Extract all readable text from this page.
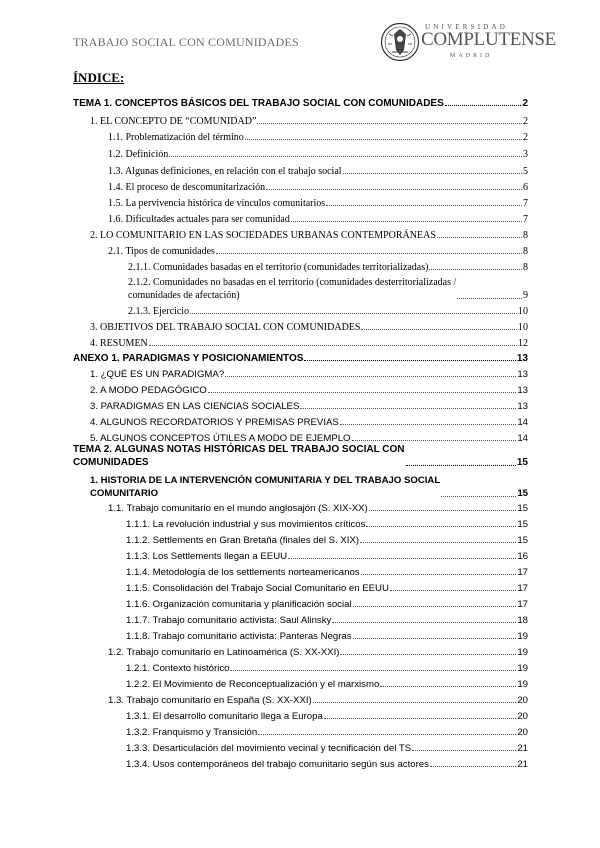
TRABAJO SOCIAL CON COMUNIDADES
UNIVERSIDAD
COMPLUTENSE
MADRID
ÍNDICE:
TEMA 1. CONCEPTOS BÁSICOS DEL TRABAJO SOCIAL CON COMUNIDADES	2
1. EL CONCEPTO DE “COMUNIDAD”	2
1.1. Problematización del término	2
1.2. Definición	3
1.3. Algunas definiciones, en relación con el trabajo social	5
1.4. El proceso de descomunitarización	6
1.5. La pervivencia histórica de vínculos comunitarios	7
1.6. Dificultades actuales para ser comunidad	7
2. LO COMUNITARIO EN LAS SOCIEDADES URBANAS CONTEMPORÁNEAS	8
2.1. Tipos de comunidades	8
2.1.1. Comunidades basadas en el territorio (comunidades territorializadas)	8
2.1.2. Comunidades no basadas en el territorio (comunidades desterritorializadas /
comunidades de afectación)	9
2.1.3. Ejercicio	10
3. OBJETIVOS DEL TRABAJO SOCIAL CON COMUNIDADES	10
4. RESUMEN	12
ANEXO 1. PARADIGMAS Y POSICIONAMIENTOS	13
1. ¿QUÉ ES UN PARADIGMA?	13
2. A MODO PEDAGÓGICO	13
3. PARADIGMAS EN LAS CIENCIAS SOCIALES	13
4. ALGUNOS RECORDATORIOS Y PREMISAS PREVIAS	14
5. ALGUNOS CONCEPTOS ÚTILES A MODO DE EJEMPLO	14
TEMA 2. ALGUNAS NOTAS HISTÓRICAS DEL TRABAJO SOCIAL CON
COMUNIDADES	15
1. HISTORIA DE LA INTERVENCIÓN COMUNITARIA Y DEL TRABAJO SOCIAL
COMUNITARIO	15
1.1. Trabajo comunitario en el mundo anglosajón (S. XIX-XX)	15
1.1.1. La revolución industrial y sus movimientos críticos	15
1.1.2. Settlements en Gran Bretaña (finales del S. XIX)	15
1.1.3. Los Settlements llegan a EEUU	16
1.1.4. Metodología de los settlements norteamericanos	17
1.1.5. Consolidación del Trabajo Social Comunitario en EEUU	17
1.1.6. Organización comunitaria y planificación social	17
1.1.7. Trabajo comunitario activista: Saul Alinsky	18
1.1.8. Trabajo comunitario activista: Panteras Negras	19
1.2. Trabajo comunitario en Latinoamérica (S. XX-XXI)	19
1.2.1. Contexto histórico	19
1.2.2. El Movimiento de Reconceptualización y el marxismo	19
1.3. Trabajo comunitario en España (S. XX-XXI)	20
1.3.1. El desarrollo comunitario llega a Europa	20
1.3.2. Franquismo y Transición	20
1.3.3. Desarticulación del movimiento vecinal y tecnificación del TS	21
1.3.4. Usos contemporáneos del trabajo comunitario según sus actores	21
